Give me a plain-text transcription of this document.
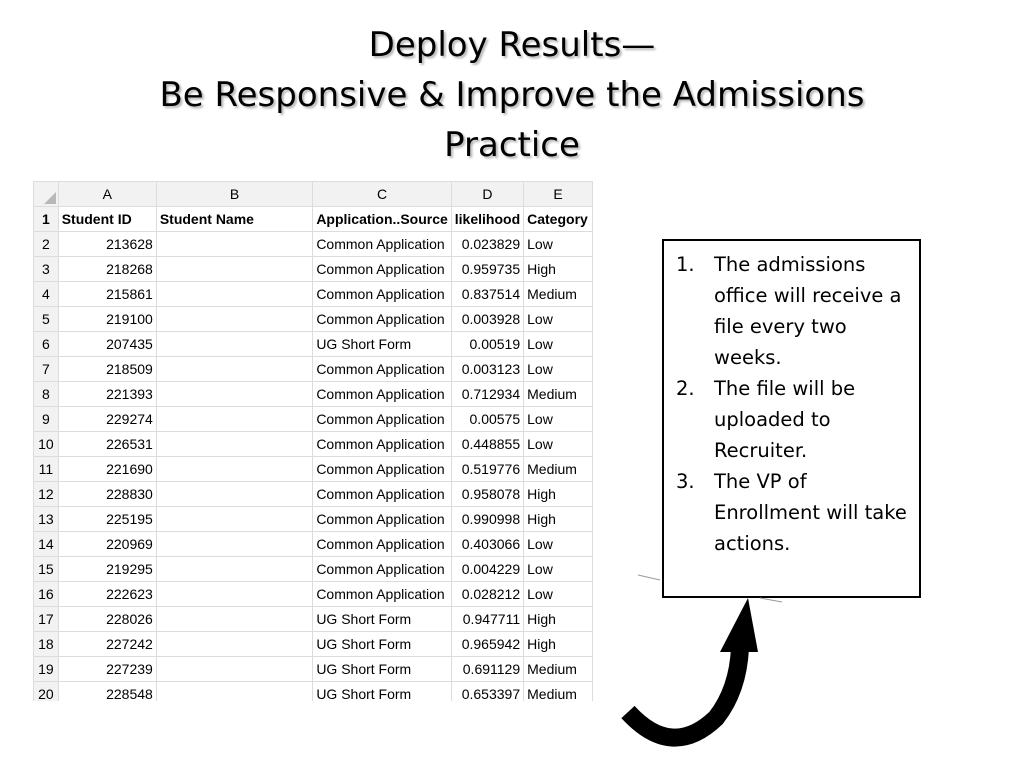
Deploy Results—
Be Responsive & Improve the Admissions
Practice
	A	B	C	D	E
1	Student ID	Student Name	Application..Source	likelihood	Category
2	213628		Common Application	0.023829	Low
3	218268		Common Application	0.959735	High
4	215861		Common Application	0.837514	Medium
5	219100		Common Application	0.003928	Low
6	207435		UG Short Form	0.00519	Low
7	218509		Common Application	0.003123	Low
8	221393		Common Application	0.712934	Medium
9	229274		Common Application	0.00575	Low
10	226531		Common Application	0.448855	Low
11	221690		Common Application	0.519776	Medium
12	228830		Common Application	0.958078	High
13	225195		Common Application	0.990998	High
14	220969		Common Application	0.403066	Low
15	219295		Common Application	0.004229	Low
16	222623		Common Application	0.028212	Low
17	228026		UG Short Form	0.947711	High
18	227242		UG Short Form	0.965942	High
19	227239		UG Short Form	0.691129	Medium
20	228548		UG Short Form	0.653397	Medium
1. The admissions office will receive a file every two weeks.
2. The file will be uploaded to Recruiter.
3. The VP of Enrollment will take actions.
